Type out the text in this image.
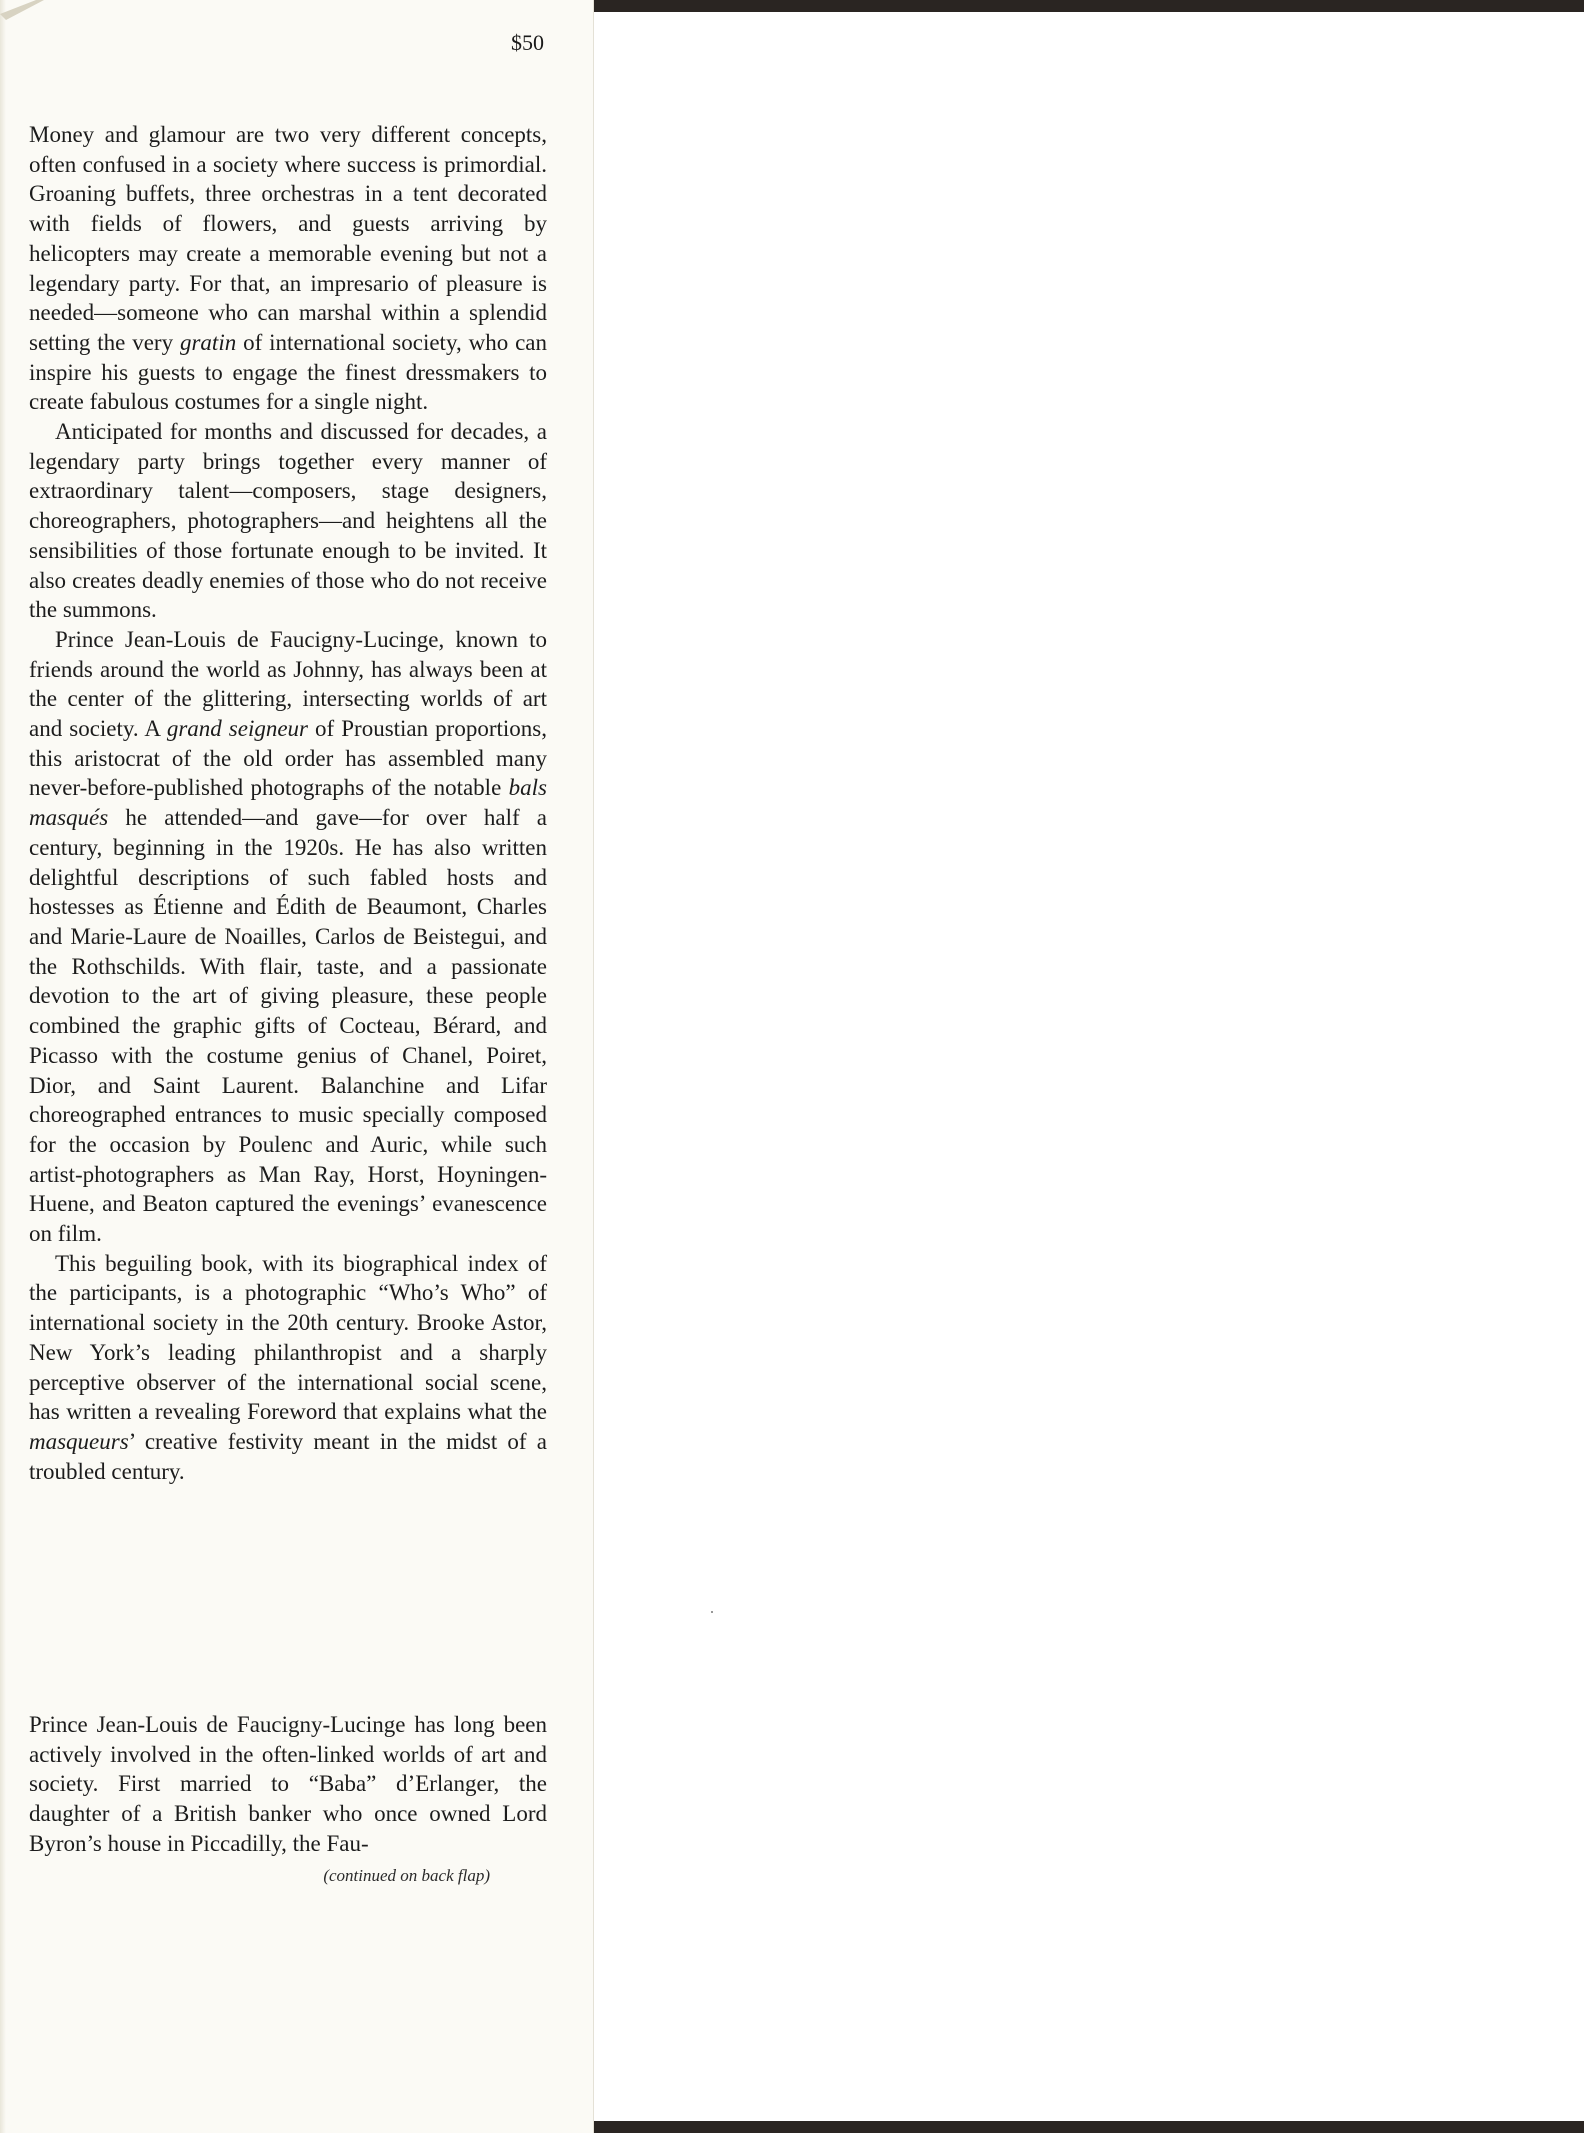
$50

Money and glamour are two very different concepts, often confused in a society where success is primordial. Groaning buffets, three orchestras in a tent decorated with fields of flowers, and guests arriving by helicopters may create a memorable evening but not a legendary party. For that, an impresario of pleasure is needed—someone who can marshal within a splendid setting the very gratin of international society, who can inspire his guests to engage the finest dressmakers to create fabulous costumes for a single night.

Anticipated for months and discussed for decades, a legendary party brings together every manner of extraordinary talent—composers, stage designers, choreographers, photographers—and heightens all the sensibilities of those fortunate enough to be invited. It also creates deadly enemies of those who do not receive the summons.

Prince Jean-Louis de Faucigny-Lucinge, known to friends around the world as Johnny, has always been at the center of the glittering, intersecting worlds of art and society. A grand seigneur of Proustian proportions, this aristocrat of the old order has assembled many never-before-published photographs of the notable bals masqués he attended—and gave—for over half a century, beginning in the 1920s. He has also written delightful descriptions of such fabled hosts and hostesses as Étienne and Édith de Beaumont, Charles and Marie-Laure de Noailles, Carlos de Beistegui, and the Rothschilds. With flair, taste, and a passionate devotion to the art of giving pleasure, these people combined the graphic gifts of Cocteau, Bérard, and Picasso with the costume genius of Chanel, Poiret, Dior, and Saint Laurent. Balanchine and Lifar choreographed entrances to music specially composed for the occasion by Poulenc and Auric, while such artist-photographers as Man Ray, Horst, Hoyningen-Huene, and Beaton captured the evenings’ evanescence on film.

This beguiling book, with its biographical index of the participants, is a photographic “Who’s Who” of international society in the 20th century. Brooke Astor, New York’s leading philanthropist and a sharply perceptive observer of the international social scene, has written a revealing Foreword that explains what the masqueurs’ creative festivity meant in the midst of a troubled century.

Prince Jean-Louis de Faucigny-Lucinge has long been actively involved in the often-linked worlds of art and society. First married to “Baba” d’Erlanger, the daughter of a British banker who once owned Lord Byron’s house in Piccadilly, the Fau-

(continued on back flap)
